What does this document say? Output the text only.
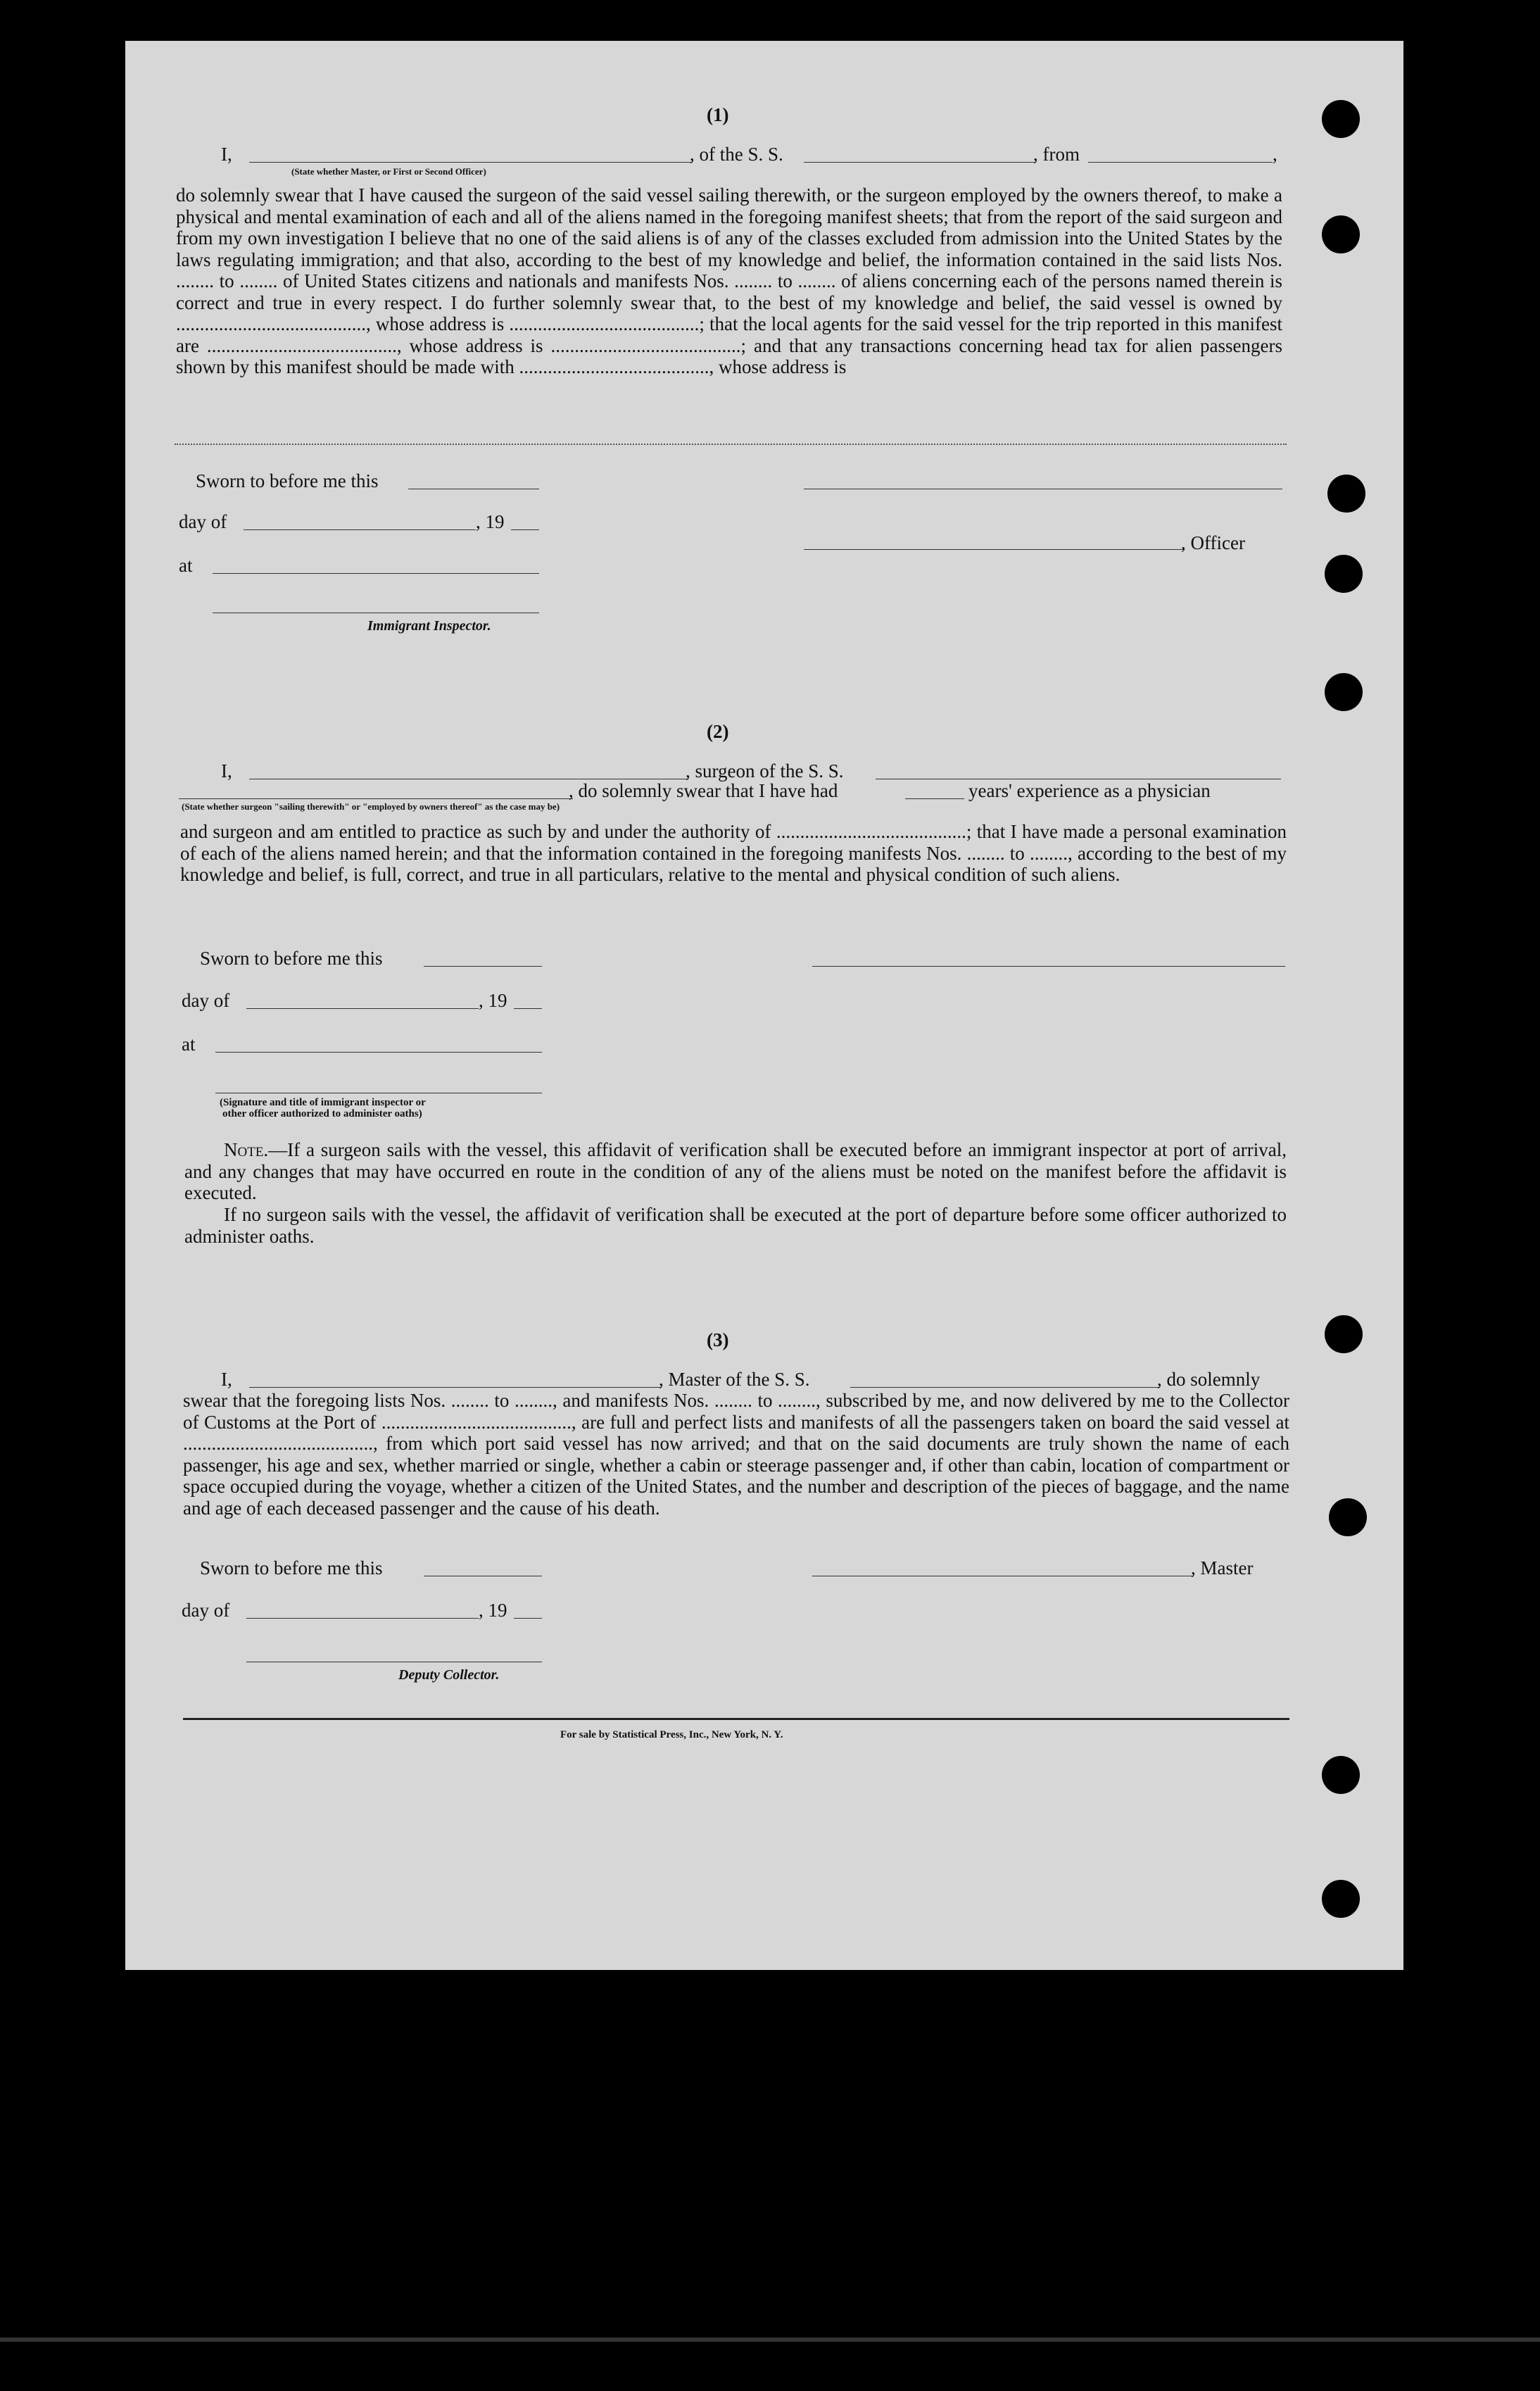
(1)
I,	, of the S. S.	, from	,
(State whether Master, or First or Second Officer)
do solemnly swear that I have caused the surgeon of the said vessel sailing therewith, or the surgeon employed by the owners thereof, to make a physical and mental examination of each and all of the aliens named in the foregoing manifest sheets; that from the report of the said surgeon and from my own investigation I believe that no one of the said aliens is of any of the classes excluded from admission into the United States by the laws regulating immigration; and that also, according to the best of my knowledge and belief, the information contained in the said lists Nos. ........ to ........ of United States citizens and nationals and manifests Nos. ........ to ........ of aliens concerning each of the persons named therein is correct and true in every respect. I do further solemnly swear that, to the best of my knowledge and belief, the said vessel is owned by ........................................, whose address is ........................................; that the local agents for the said vessel for the trip reported in this manifest are ........................................, whose address is ........................................; and that any transactions concerning head tax for alien passengers shown by this manifest should be made with ........................................, whose address is
Sworn to before me this
day of	, 19
, Officer
at
Immigrant Inspector.
(2)
I,	, surgeon of the S. S.
, do solemnly swear that I have had	years' experience as a physician
(State whether surgeon "sailing therewith" or "employed by owners thereof" as the case may be)
and surgeon and am entitled to practice as such by and under the authority of ........................................; that I have made a personal examination of each of the aliens named herein; and that the information contained in the foregoing manifests Nos. ........ to ........, according to the best of my knowledge and belief, is full, correct, and true in all particulars, relative to the mental and physical condition of such aliens.
Sworn to before me this
day of	, 19
at
(Signature and title of immigrant inspector or
other officer authorized to administer oaths)
Note.—If a surgeon sails with the vessel, this affidavit of verification shall be executed before an immigrant inspector at port of arrival, and any changes that may have occurred en route in the condition of any of the aliens must be noted on the manifest before the affidavit is executed.
If no surgeon sails with the vessel, the affidavit of verification shall be executed at the port of departure before some officer authorized to administer oaths.
(3)
I,	, Master of the S. S.	, do solemnly
swear that the foregoing lists Nos. ........ to ........, and manifests Nos. ........ to ........, subscribed by me, and now delivered by me to the Collector of Customs at the Port of ........................................, are full and perfect lists and manifests of all the passengers taken on board the said vessel at ........................................, from which port said vessel has now arrived; and that on the said documents are truly shown the name of each passenger, his age and sex, whether married or single, whether a cabin or steerage passenger and, if other than cabin, location of compartment or space occupied during the voyage, whether a citizen of the United States, and the number and description of the pieces of baggage, and the name and age of each deceased passenger and the cause of his death.
Sworn to before me this	, Master
day of	, 19
Deputy Collector.
For sale by Statistical Press, Inc., New York, N. Y.
